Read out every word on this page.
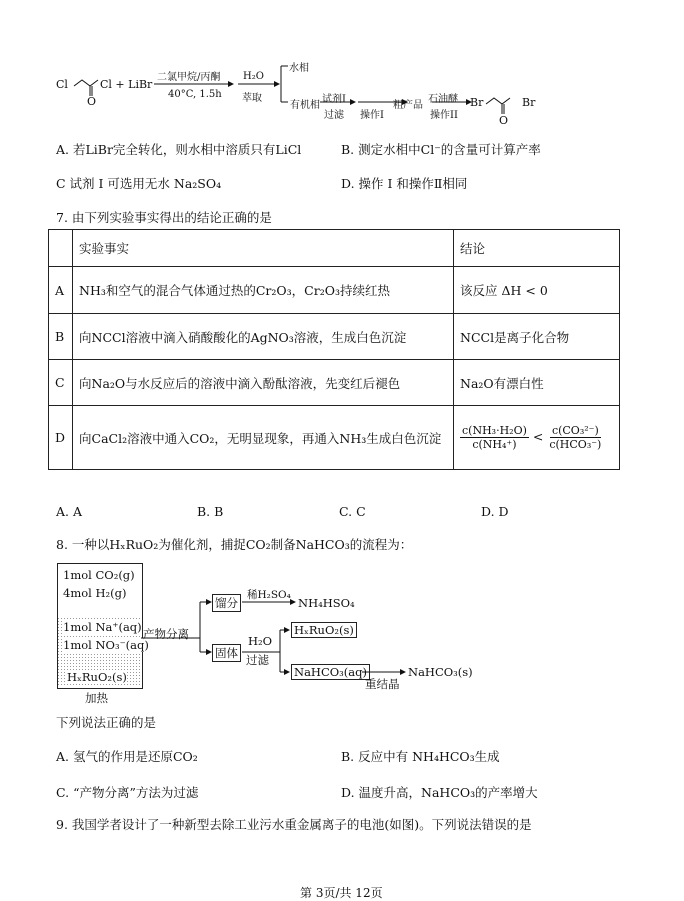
Cl
O
Cl + LiBr
二氯甲烷/丙酮
40°C, 1.5h
H₂O
萃取
水相
有机相
试剂I
过滤 操作I
粗产品
石油醚
操作II
Br
O
Br
A. 若LiBr完全转化，则水相中溶质只有LiCl	B. 测定水相中Cl⁻的含量可计算产率
C 试剂 I 可选用无水 Na₂SO₄	D. 操作 I 和操作Ⅱ相同
7. 由下列实验事实得出的结论正确的是
	实验事实	结论
A	NH₃和空气的混合气体通过热的Cr₂O₃，Cr₂O₃持续红热	该反应 ΔH < 0
B	向NCCl溶液中滴入硝酸酸化的AgNO₃溶液，生成白色沉淀	NCCl是离子化合物
C	向Na₂O与水反应后的溶液中滴入酚酞溶液，先变红后褪色	Na₂O有漂白性
D	向CaCl₂溶液中通入CO₂，无明显现象，再通入NH₃生成白色沉淀	$\frac{\text{c(NH₃·H₂O)}}{\text{c(NH₄⁺)}} < \frac{\text{c(CO₃²⁻)}}{\text{c(HCO₃⁻)}}$
A. A	B. B	C. C	D. D
8. 一种以HₓRuO₂为催化剂，捕捉CO₂制备NaHCO₃的流程为：
1mol CO₂(g)
4mol H₂(g)
1mol Na⁺(aq)
1mol NO₃⁻(aq)
HₓRuO₂(s)
加热
产物分离
馏分
稀H₂SO₄
NH₄HSO₄
固体
H₂O
过滤
HₓRuO₂(s)
NaHCO₃(aq)
重结晶
NaHCO₃(s)
下列说法正确的是
A. 氢气的作用是还原CO₂	B. 反应中有 NH₄HCO₃生成
C. “产物分离”方法为过滤	D. 温度升高，NaHCO₃的产率增大
9. 我国学者设计了一种新型去除工业污水重金属离子的电池(如图)。下列说法错误的是
第 3页/共 12页
